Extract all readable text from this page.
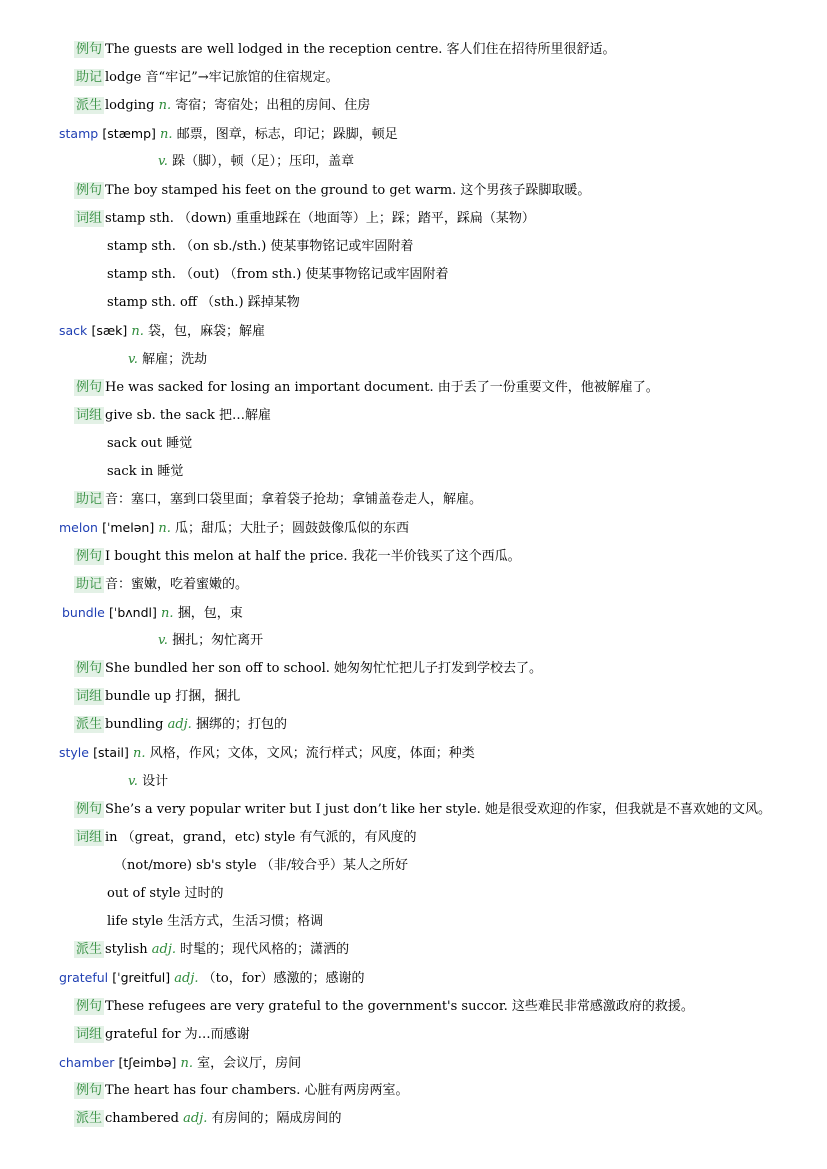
例句 The guests are well lodged in the reception centre. 客人们住在招待所里很舒适。
助记 lodge 音“牢记”→牢记旅馆的住宿规定。
派生 lodging n. 寄宿；寄宿处；出租的房间、住房
stamp [stæmp] n. 邮票，图章，标志，印记；跺脚，顿足
v. 跺（脚），顿（足）；压印，盖章
例句 The boy stamped his feet on the ground to get warm. 这个男孩子跺脚取暖。
词组 stamp sth. （down) 重重地踩在（地面等）上；踩；踏平，踩扁（某物）
stamp sth. （on sb./sth.) 使某事物铭记或牢固附着
stamp sth. （out) （from sth.) 使某事物铭记或牢固附着
stamp sth. off （sth.) 踩掉某物
sack [sæk] n. 袋，包，麻袋；解雇
v. 解雇；洗劫
例句 He was sacked for losing an important document. 由于丢了一份重要文件，他被解雇了。
词组 give sb. the sack 把…解雇
sack out 睡觉
sack in 睡觉
助记 音：塞口，塞到口袋里面；拿着袋子抢劫；拿铺盖卷走人，解雇。
melon [ˈmelən] n. 瓜；甜瓜；大肚子；圆鼓鼓像瓜似的东西
例句 I bought this melon at half the price. 我花一半价钱买了这个西瓜。
助记 音：蜜嫩，吃着蜜嫩的。
bundle [ˈbʌndl] n. 捆，包，束
v. 捆扎；匆忙离开
例句 She bundled her son off to school. 她匆匆忙忙把儿子打发到学校去了。
词组 bundle up 打捆，捆扎
派生 bundling adj. 捆绑的；打包的
style [stail] n. 风格，作风；文体，文风；流行样式；风度，体面；种类
v. 设计
例句 She’s a very popular writer but I just don’t like her style. 她是很受欢迎的作家，但我就是不喜欢她的文风。
词组 in （great，grand，etc) style 有气派的，有风度的
（not/more) sb's style （非/较合乎）某人之所好
out of style 过时的
life style 生活方式，生活习惯；格调
派生 stylish adj. 时髦的；现代风格的；潇洒的
grateful [ˈgreitful] adj. （to，for）感激的；感谢的
例句 These refugees are very grateful to the government's succor. 这些难民非常感激政府的救援。
词组 grateful for 为…而感谢
chamber [tʃeimbə] n. 室，会议厅，房间
例句 The heart has four chambers. 心脏有两房两室。
派生 chambered adj. 有房间的；隔成房间的
